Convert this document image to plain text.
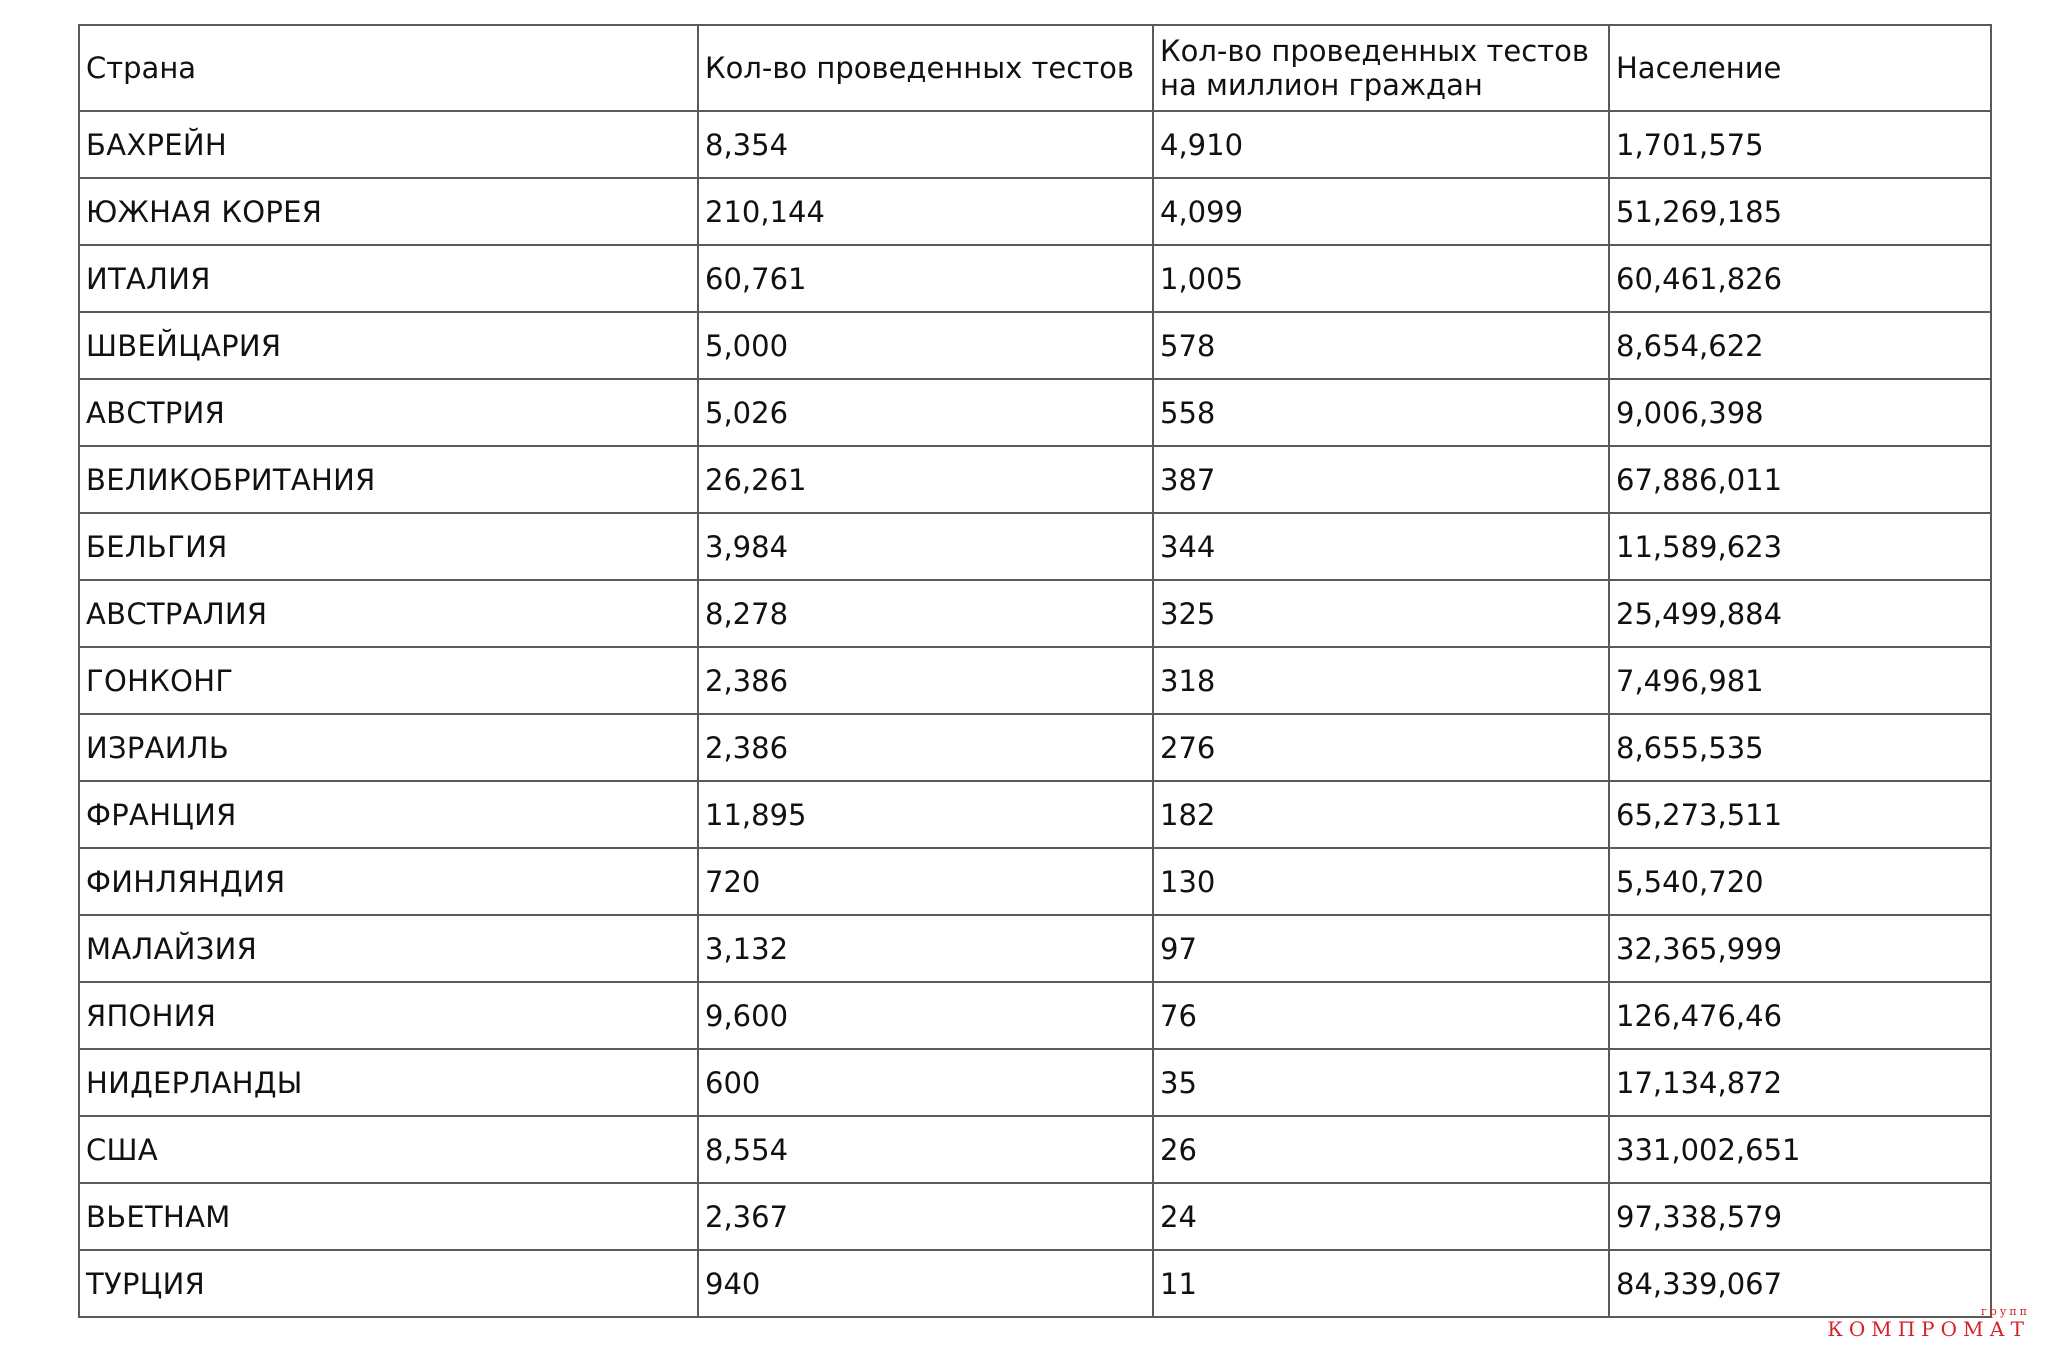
Страна	Кол-во проведенных тестов	Кол-во проведенных тестов на миллион граждан	Население
БАХРЕЙН	8,354	4,910	1,701,575
ЮЖНАЯ КОРЕЯ	210,144	4,099	51,269,185
ИТАЛИЯ	60,761	1,005	60,461,826
ШВЕЙЦАРИЯ	5,000	578	8,654,622
АВСТРИЯ	5,026	558	9,006,398
ВЕЛИКОБРИТАНИЯ	26,261	387	67,886,011
БЕЛЬГИЯ	3,984	344	11,589,623
АВСТРАЛИЯ	8,278	325	25,499,884
ГОНКОНГ	2,386	318	7,496,981
ИЗРАИЛЬ	2,386	276	8,655,535
ФРАНЦИЯ	11,895	182	65,273,511
ФИНЛЯНДИЯ	720	130	5,540,720
МАЛАЙЗИЯ	3,132	97	32,365,999
ЯПОНИЯ	9,600	76	126,476,46
НИДЕРЛАНДЫ	600	35	17,134,872
США	8,554	26	331,002,651
ВЬЕТНАМ	2,367	24	97,338,579
ТУРЦИЯ	940	11	84,339,067
групп
КОМПРОМАТ
